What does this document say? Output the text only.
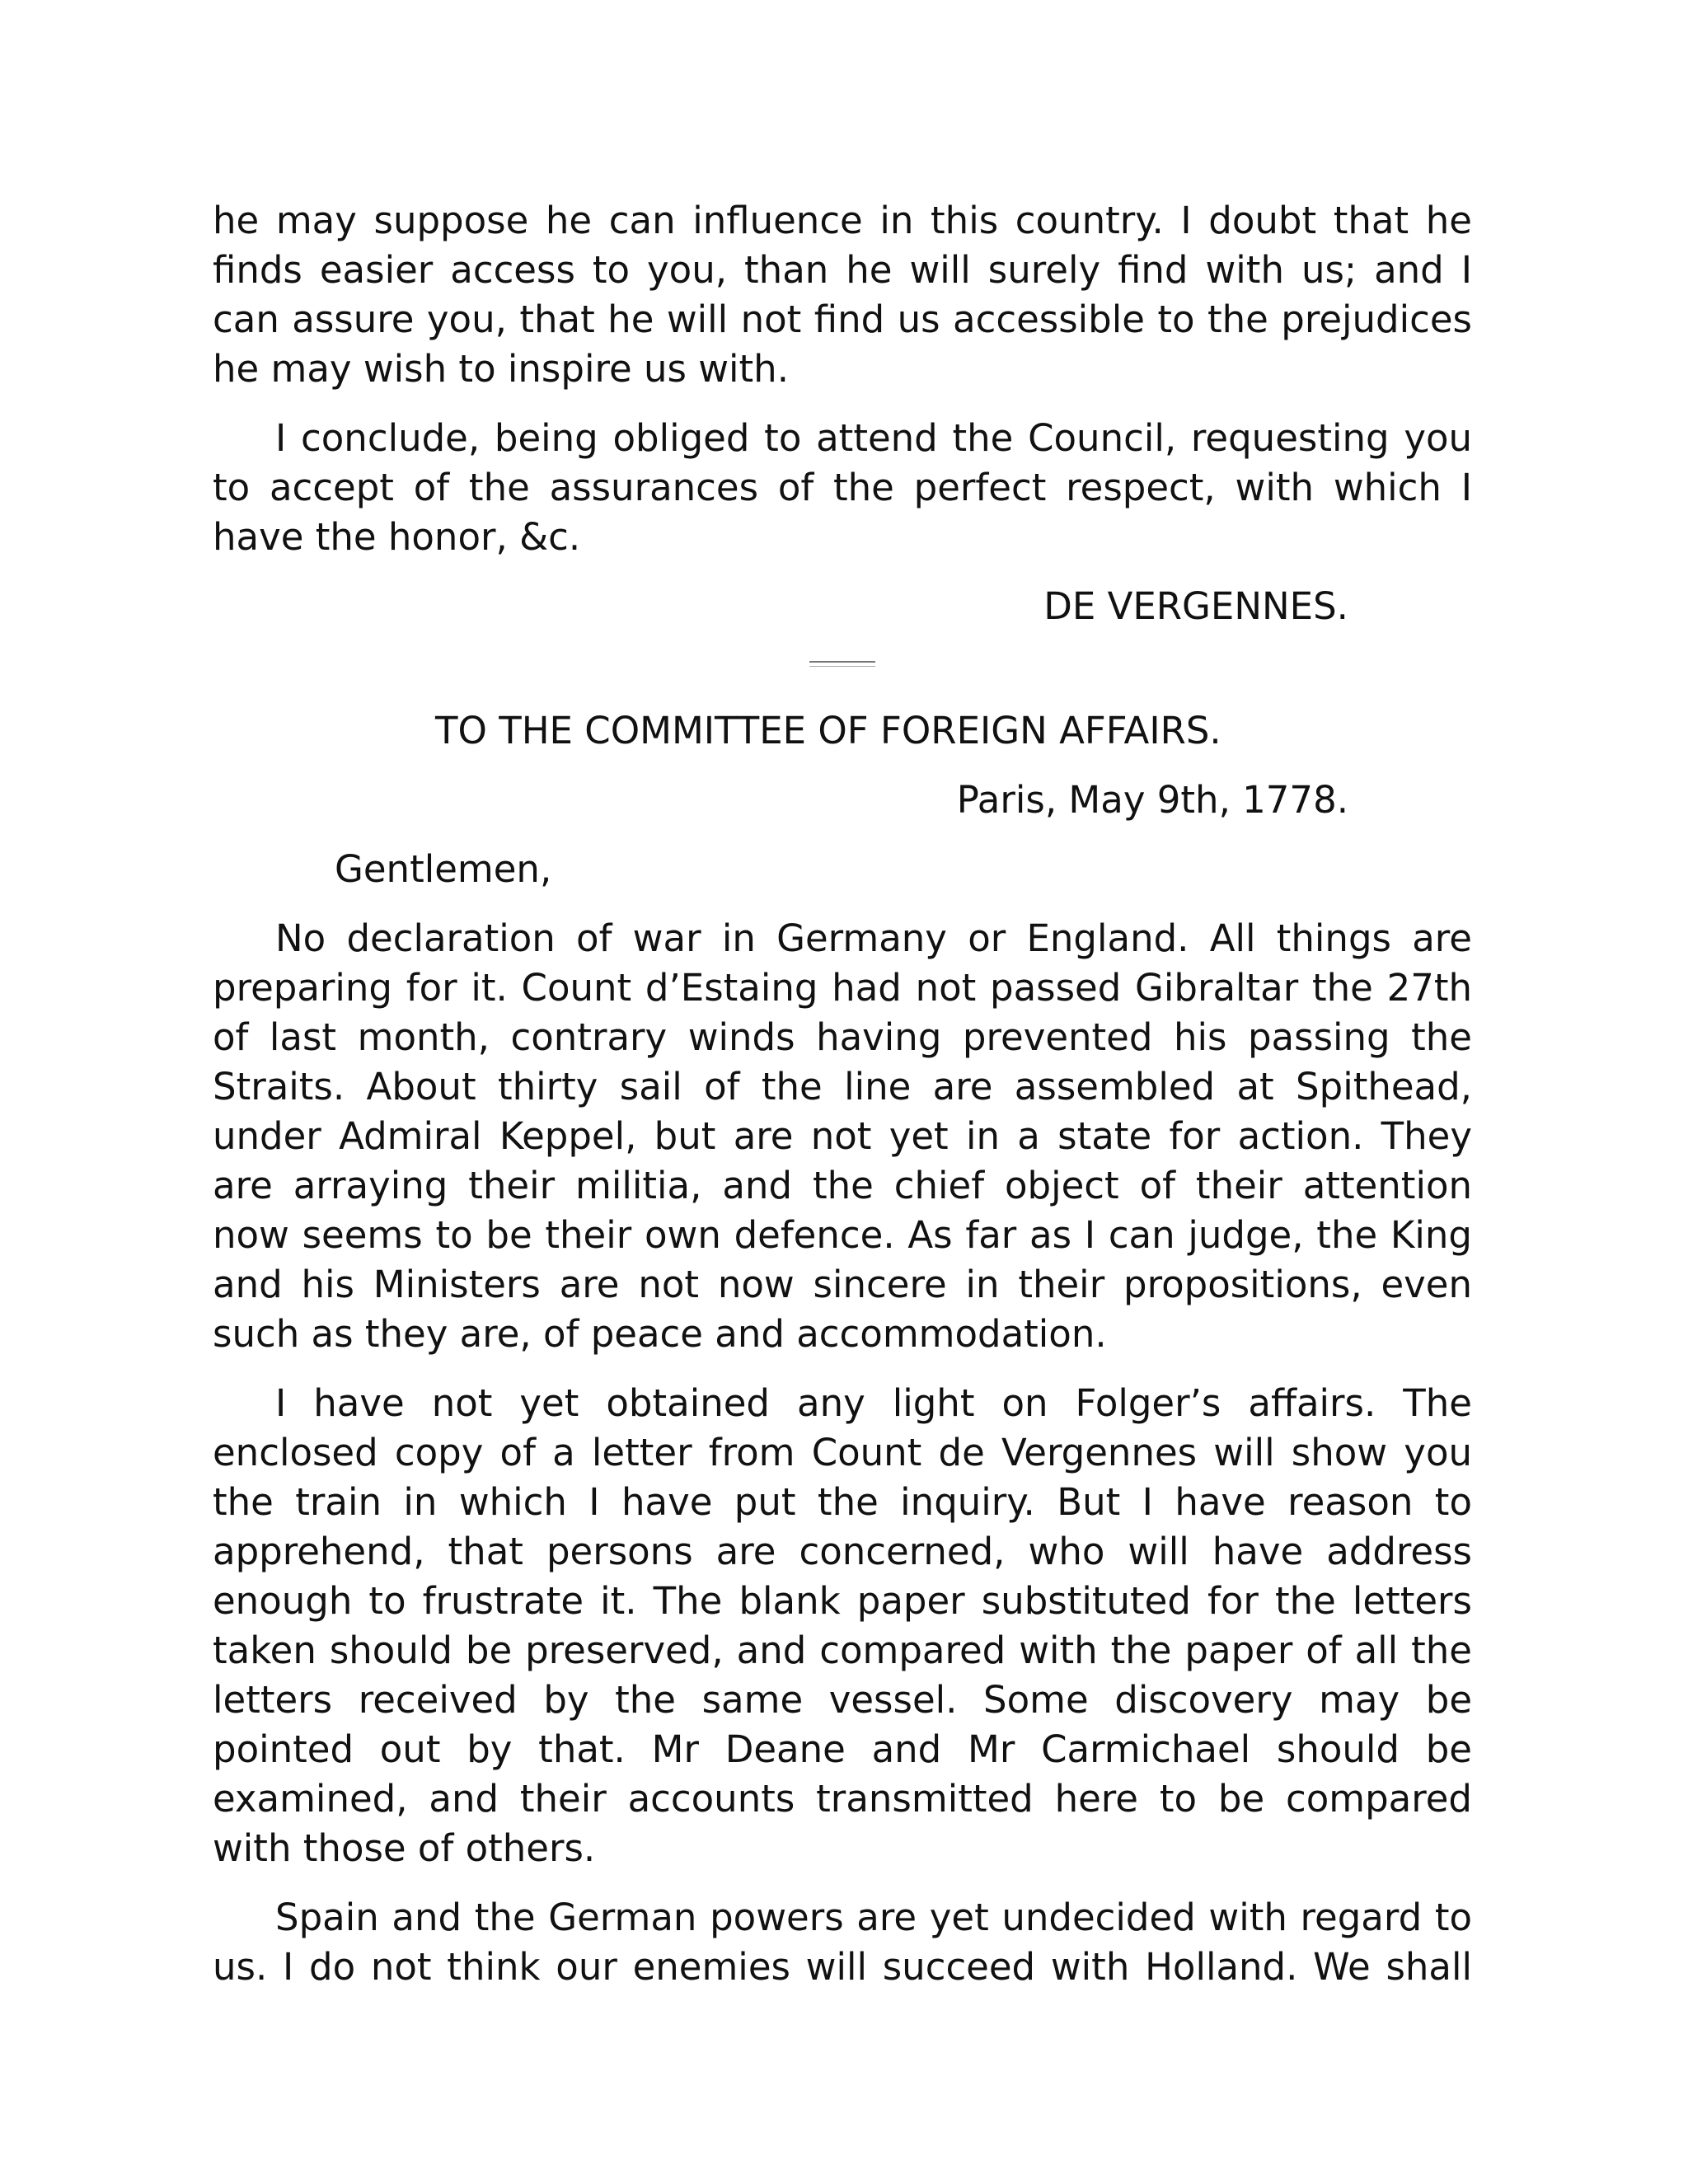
he may suppose he can influence in this country. I doubt that he finds easier access to you, than he will surely find with us; and I can assure you, that he will not find us accessible to the prejudices he may wish to inspire us with.

I conclude, being obliged to attend the Council, requesting you to accept of the assurances of the perfect respect, with which I have the honor, &c.

DE VERGENNES.

TO THE COMMITTEE OF FOREIGN AFFAIRS.

Paris, May 9th, 1778.

Gentlemen,

No declaration of war in Germany or England. All things are preparing for it. Count d’Estaing had not passed Gibraltar the 27th of last month, contrary winds having prevented his passing the Straits. About thirty sail of the line are assembled at Spithead, under Admiral Keppel, but are not yet in a state for action. They are arraying their militia, and the chief object of their attention now seems to be their own defence. As far as I can judge, the King and his Ministers are not now sincere in their propositions, even such as they are, of peace and accommodation.

I have not yet obtained any light on Folger’s affairs. The enclosed copy of a letter from Count de Vergennes will show you the train in which I have put the inquiry. But I have reason to apprehend, that persons are concerned, who will have address enough to frustrate it. The blank paper substituted for the letters taken should be preserved, and compared with the paper of all the letters received by the same vessel. Some discovery may be pointed out by that. Mr Deane and Mr Carmichael should be examined, and their accounts transmitted here to be compared with those of others.

Spain and the German powers are yet undecided with regard to us. I do not think our enemies will succeed with Holland. We shall
